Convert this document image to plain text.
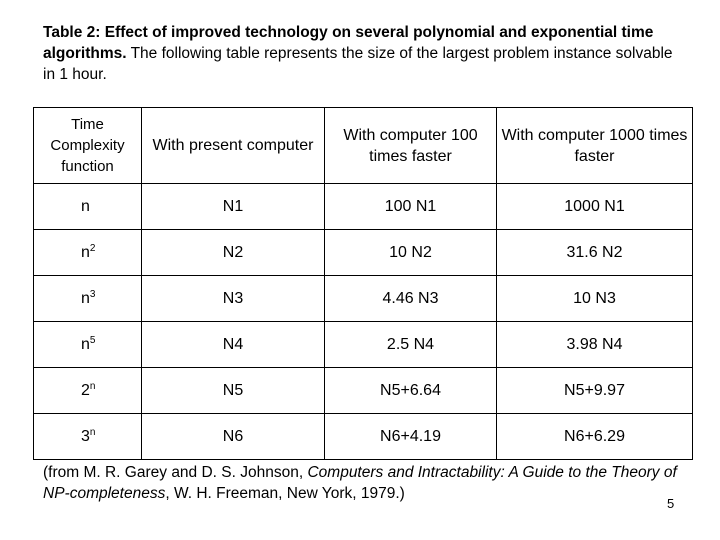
Table 2: Effect of improved technology on several polynomial and exponential time algorithms. The following table represents the size of the largest problem instance solvable in 1 hour.
Time Complexity function	With present computer	With computer 100 times faster	With computer 1000 times faster
n	N1	100 N1	1000 N1
$n^2$	N2	10 N2	31.6 N2
$n^3$	N3	4.46 N3	10 N3
$n^5$	N4	2.5 N4	3.98 N4
2$^n$	N5	N5+6.64	N5+9.97
3$^n$	N6	N6+4.19	N6+6.29
(from M. R. Garey and D. S. Johnson, Computers and Intractability: A Guide to the Theory of NP-completeness, W. H. Freeman, New York, 1979.)
5
